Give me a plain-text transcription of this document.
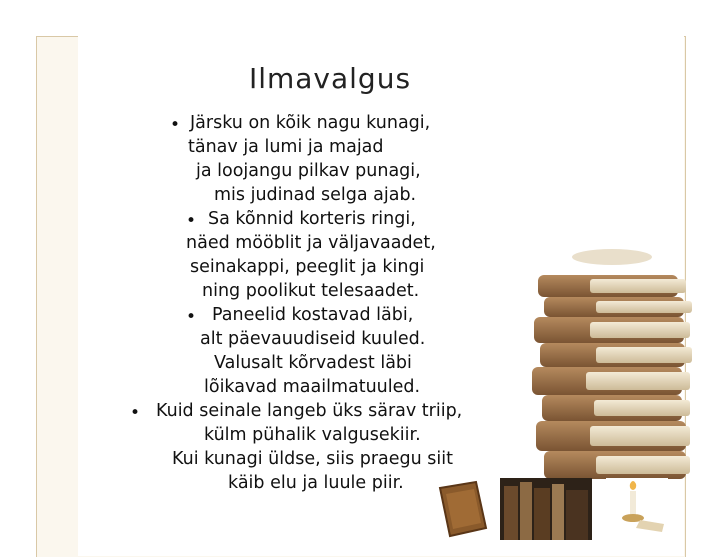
Ilmavalgus
• Järsku on kõik nagu kunagi,
tänav ja lumi ja majad
ja loojangu pilkav punagi,
mis judinad selga ajab.
• Sa kõnnid korteris ringi,
näed mööblit ja väljavaadet,
seinakappi, peeglit ja kingi
ning poolikut telesaadet.
• Paneelid kostavad läbi,
alt päevauudiseid kuuled.
Valusalt kõrvadest läbi
lõikavad maailmatuuled.
• Kuid seinale langeb üks särav triip,
külm pühalik valgusekiir.
Kui kunagi üldse, siis praegu siit
käib elu ja luule piir.
